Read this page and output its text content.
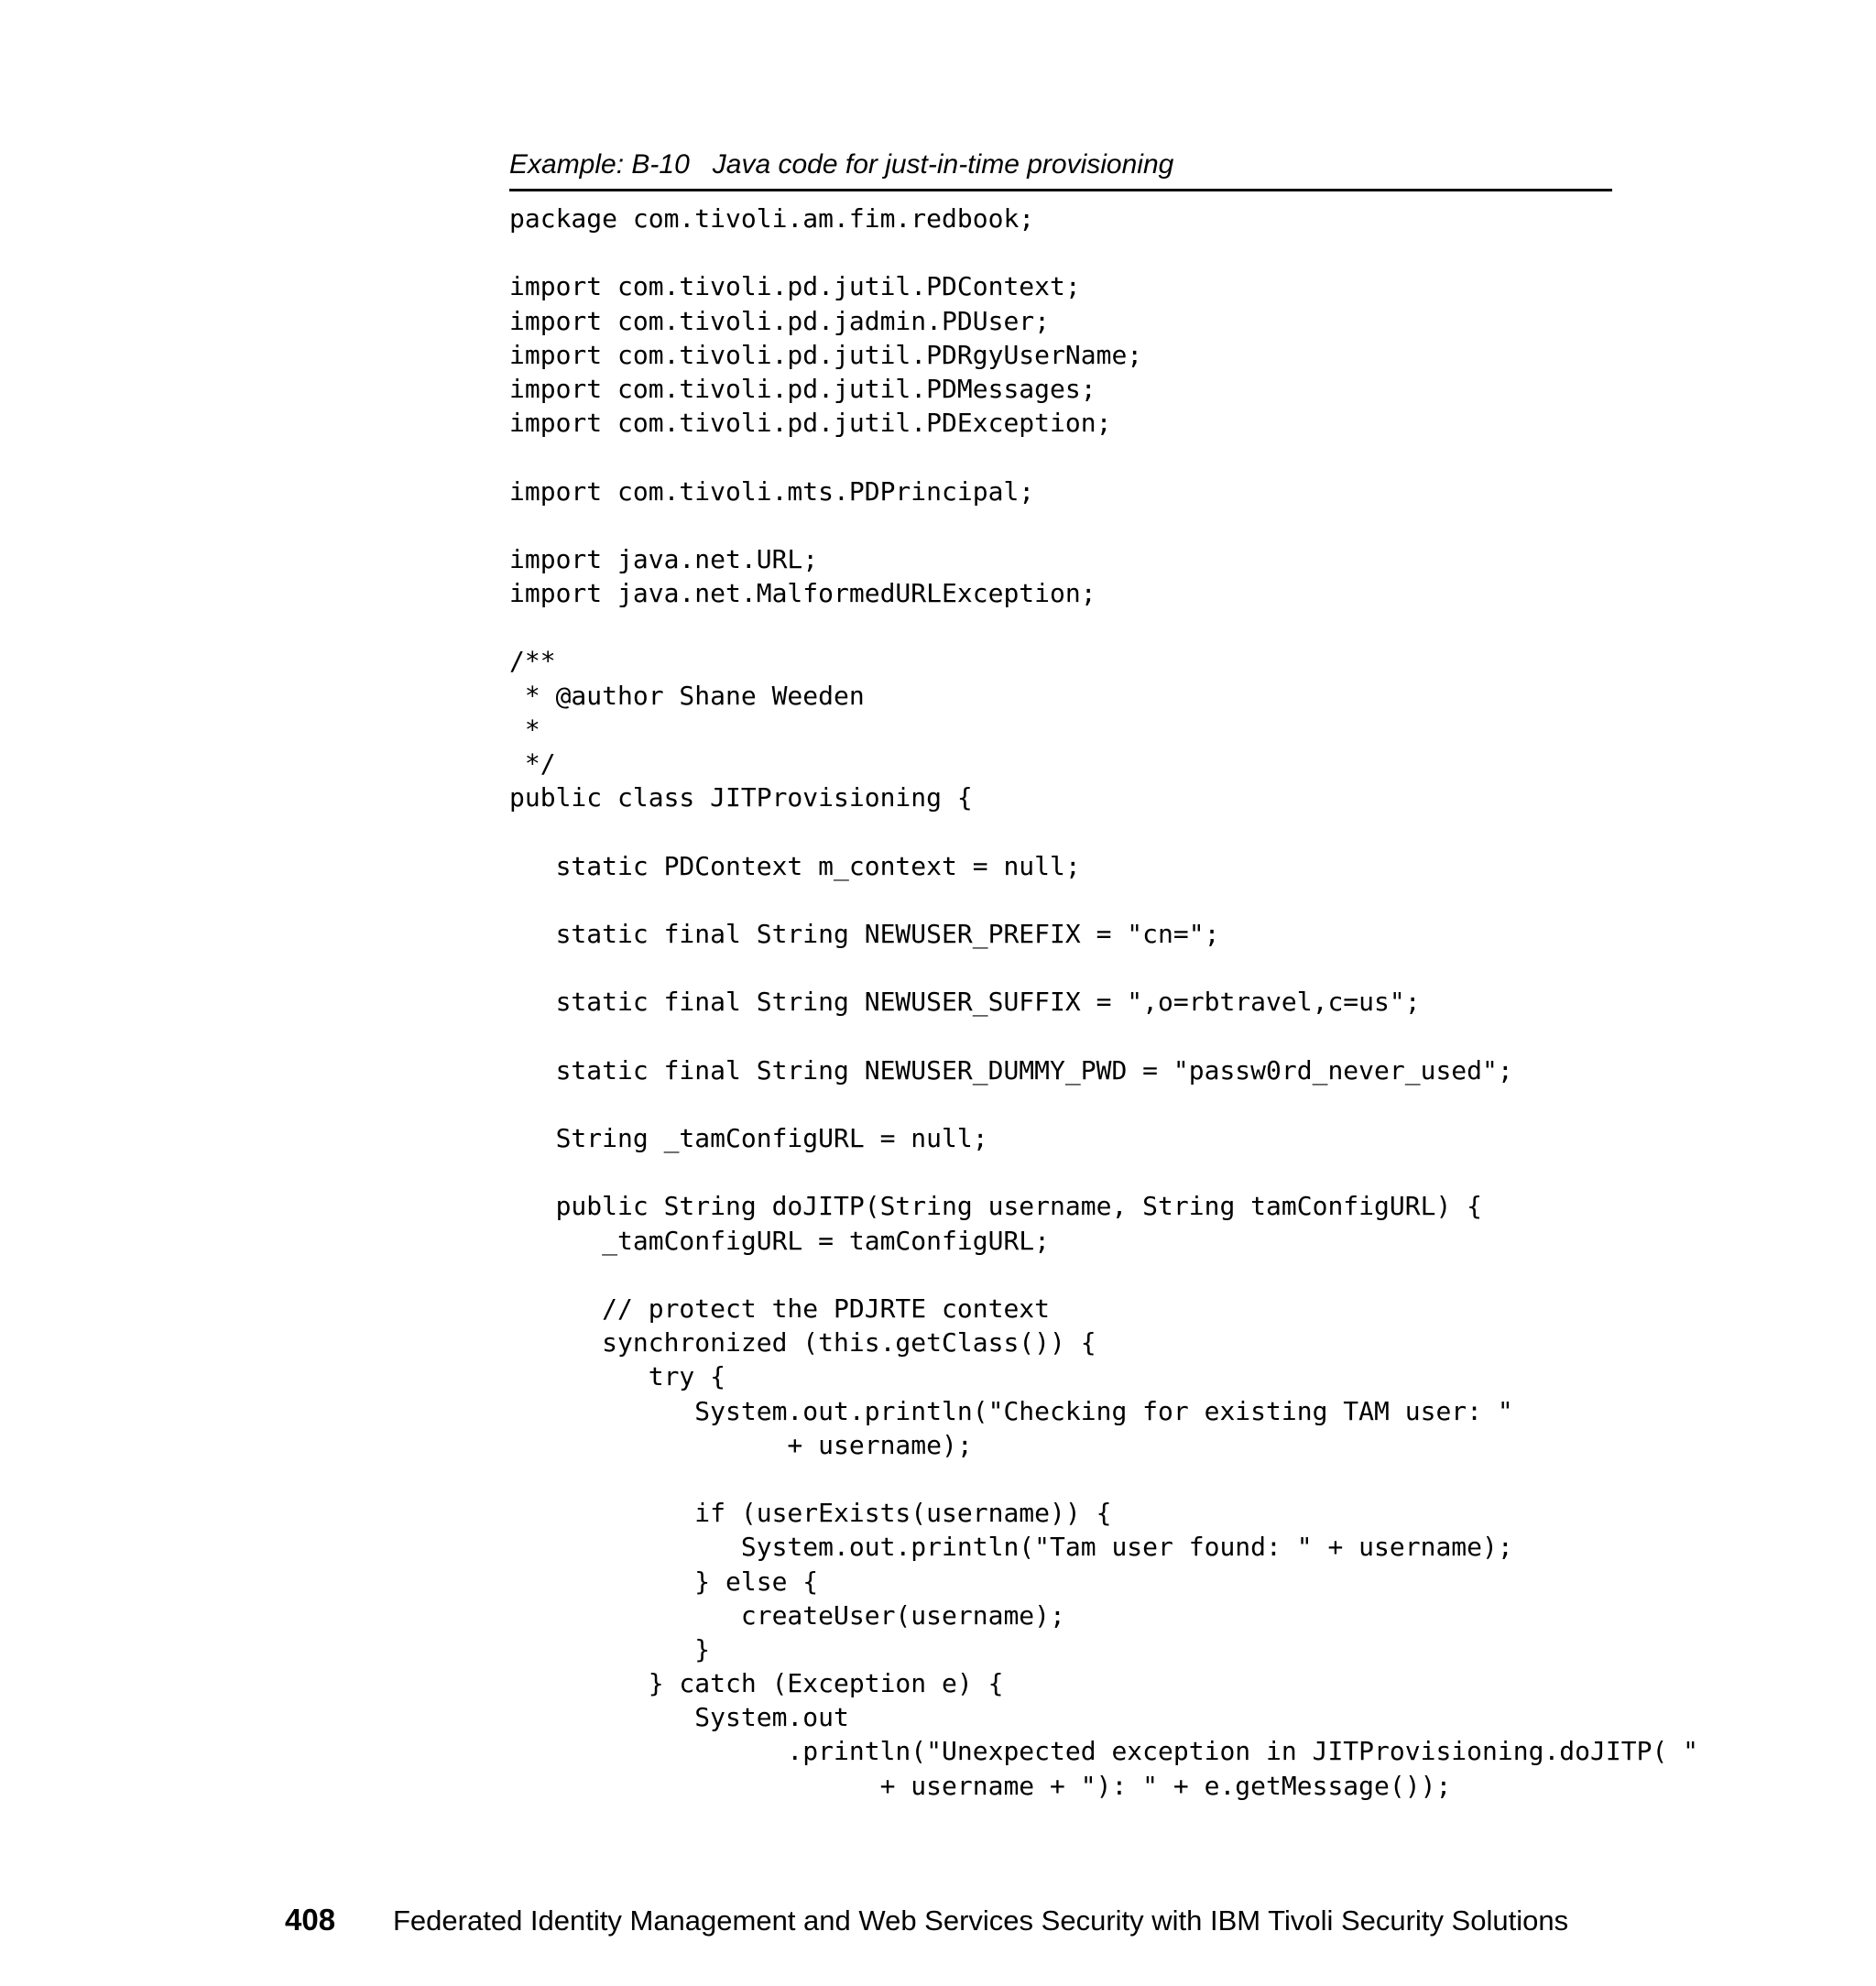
Example: B-10   Java code for just-in-time provisioning
package com.tivoli.am.fim.redbook;
import com.tivoli.pd.jutil.PDContext;
import com.tivoli.pd.jadmin.PDUser;
import com.tivoli.pd.jutil.PDRgyUserName;
import com.tivoli.pd.jutil.PDMessages;
import com.tivoli.pd.jutil.PDException;
import com.tivoli.mts.PDPrincipal;
import java.net.URL;
import java.net.MalformedURLException;
/**
* @author Shane Weeden
*
*/
public class JITProvisioning {
static PDContext m_context = null;
static final String NEWUSER_PREFIX = "cn=";
static final String NEWUSER_SUFFIX = ",o=rbtravel,c=us";
static final String NEWUSER_DUMMY_PWD = "passw0rd_never_used";
String _tamConfigURL = null;
public String doJITP(String username, String tamConfigURL) {
_tamConfigURL = tamConfigURL;
// protect the PDJRTE context
synchronized (this.getClass()) {
try {
System.out.println("Checking for existing TAM user: "
+ username);
if (userExists(username)) {
System.out.println("Tam user found: " + username);
} else {
createUser(username);
}
} catch (Exception e) {
System.out
.println("Unexpected exception in JITProvisioning.doJITP( "
+ username + "): " + e.getMessage());
408 Federated Identity Management and Web Services Security with IBM Tivoli Security Solutions
